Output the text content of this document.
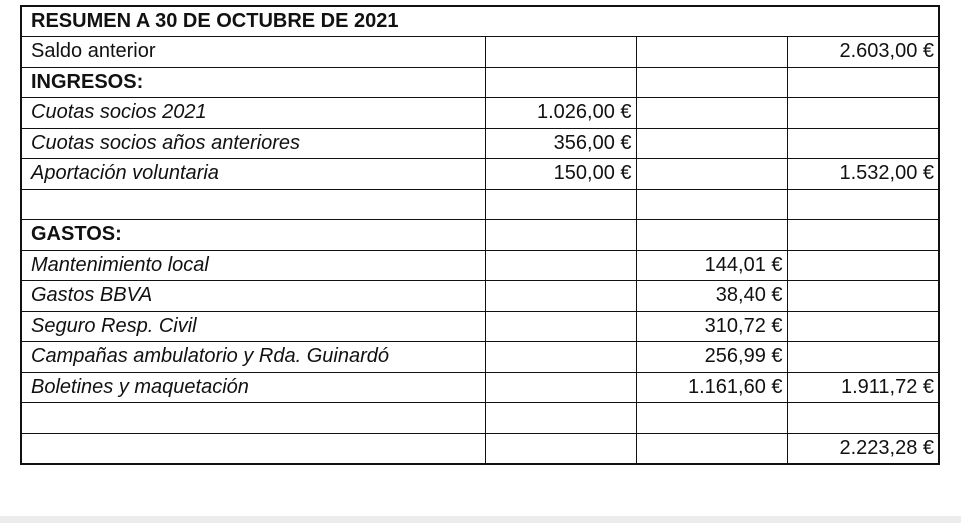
RESUMEN A 30 DE OCTUBRE DE 2021			
Saldo anterior			2.603,00 €
INGRESOS:			
Cuotas socios 2021	1.026,00 €		
Cuotas socios años anteriores	356,00 €		
Aportación voluntaria	150,00 €		1.532,00 €

GASTOS:			
Mantenimiento local		144,01 €	
Gastos BBVA		38,40 €	
Seguro Resp. Civil		310,72 €	
Campañas ambulatorio y Rda. Guinardó		256,99 €	
Boletines y maquetación		1.161,60 €	1.911,72 €

			2.223,28 €
